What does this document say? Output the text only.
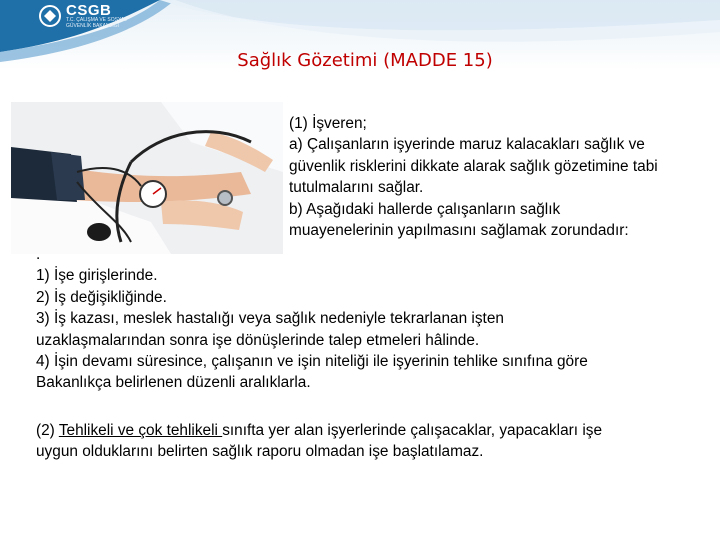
CSGB
T.C. ÇALIŞMA VE SOSYAL GÜVENLİK BAKANLIĞI
Sağlık Gözetimi (MADDE 15)
(1) İşveren;
a) Çalışanların işyerinde maruz kalacakları sağlık ve
güvenlik risklerini dikkate alarak sağlık gözetimine tabi
tutulmalarını sağlar.
b) Aşağıdaki hallerde çalışanların sağlık
muayenelerinin yapılmasını sağlamak zorundadır:
.
1) İşe girişlerinde.
2) İş değişikliğinde.
3) İş kazası, meslek hastalığı veya sağlık nedeniyle tekrarlanan işten
uzaklaşmalarından sonra işe dönüşlerinde talep etmeleri hâlinde.
4) İşin devamı süresince, çalışanın ve işin niteliği ile işyerinin tehlike sınıfına göre
Bakanlıkça belirlenen düzenli aralıklarla.
(2) Tehlikeli ve çok tehlikeli sınıfta yer alan işyerlerinde çalışacaklar, yapacakları işe
uygun olduklarını belirten sağlık raporu olmadan işe başlatılamaz.
